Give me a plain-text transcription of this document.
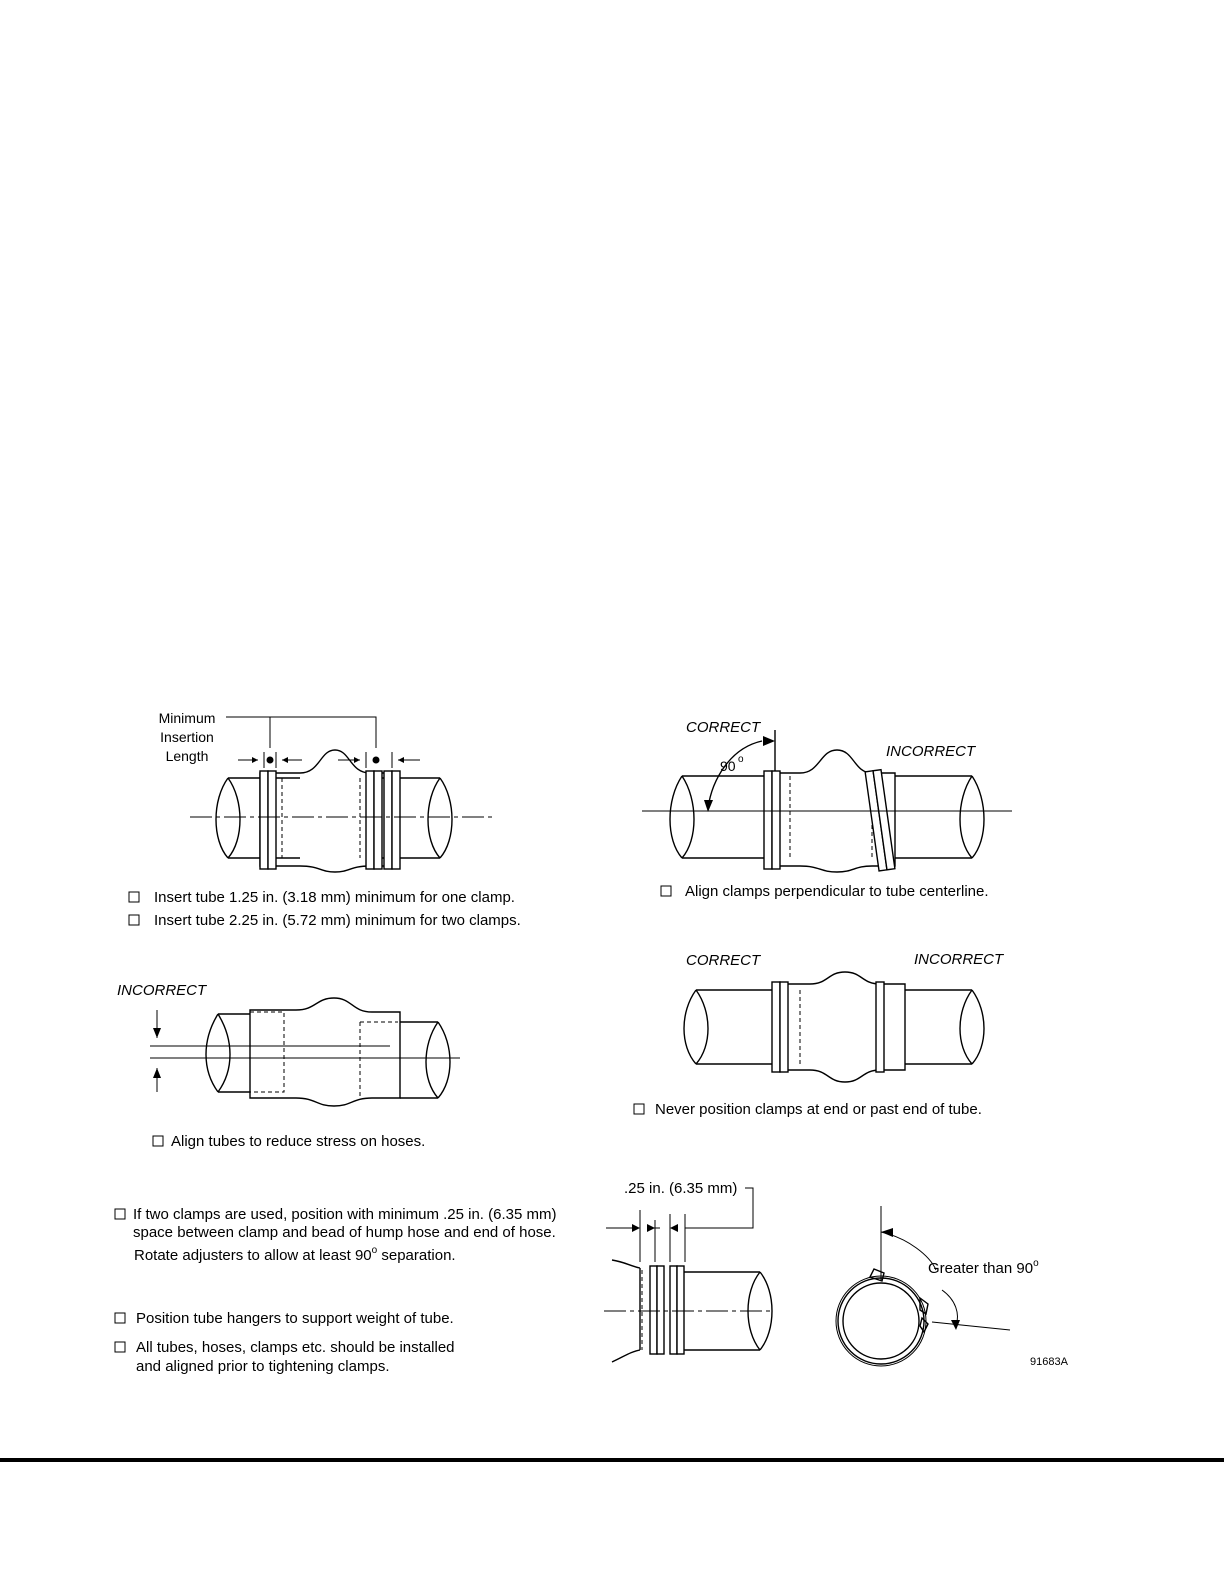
Minimum
Insertion
Length
Insert tube 1.25 in. (3.18 mm) minimum for one clamp.
Insert tube 2.25 in. (5.72 mm) minimum for two clamps.
CORRECT
INCORRECT
90 o
Align clamps perpendicular to tube centerline.
INCORRECT
Align tubes to reduce stress on hoses.
CORRECT	INCORRECT
Never position clamps at end or past end of tube.
If two clamps are used, position with minimum .25 in. (6.35 mm)
space between clamp and bead of hump hose and end of hose.
Rotate adjusters to allow at least 90$^o$ separation.
Position tube hangers to support weight of tube.
All tubes, hoses, clamps etc. should be installed
and aligned prior to tightening clamps.
.25 in. (6.35 mm)
Greater than 90$^o$
91683A
